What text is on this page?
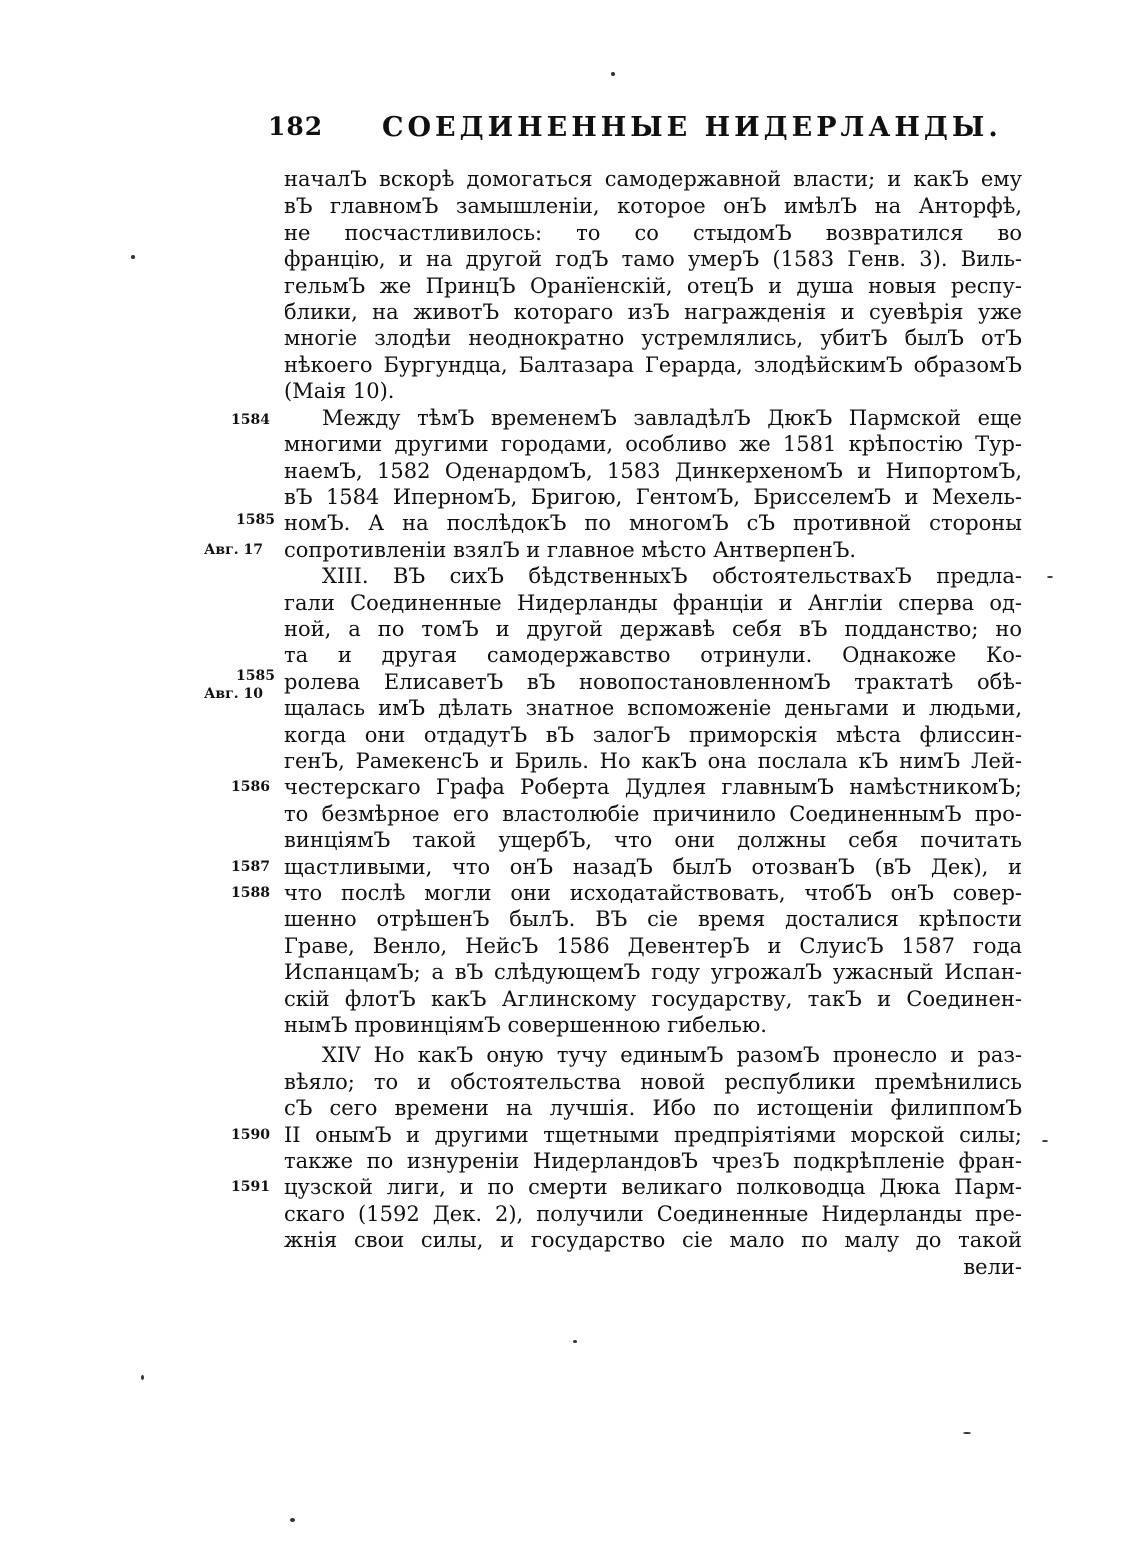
182 СОЕДИНЕННЫЕ НИДЕРЛАНДЫ.
началЪ вскорѣ домогаться самодержавной власти; и какЪ ему
вЪ главномЪ замышленіи, которое онЪ имѣлЪ на Анторфѣ,
не посчастливилось: то со стыдомЪ возвратился во
францію, и на другой годЪ тамо умерЪ (1583 Генв. 3). Виль-
гельмЪ же ПринцЪ Оранїенскій, отецЪ и душа новыя респу-
блики, на животЪ котораго изЪ награжденія и суевѣрія уже
многіе злодѣи неоднократно устремлялись, убитЪ былЪ отЪ
нѣкоего Бургундца, Балтазара Герарда, злодѣйскимЪ образомЪ
(Маія 10).
Между тѣмЪ временемЪ завладѣлЪ ДюкЪ Пармской еще
многими другими городами, особливо же 1581 крѣпостію Тур-
наемЪ, 1582 ОденардомЪ, 1583 ДинкерхеномЪ и НипортомЪ,
вЪ 1584 ИперномЪ, Бригою, ГентомЪ, БрисселемЪ и Мехель-
номЪ. А на послѣдокЪ по многомЪ сЪ противной стороны
сопротивленіи взялЪ и главное мѣсто АнтверпенЪ.
XIII. ВЪ сихЪ бѣдственныхЪ обстоятельствахЪ предла-
гали Соединенные Нидерланды франціи и Англіи сперва од-
ной, а по томЪ и другой державѣ себя вЪ подданство; но
та и другая самодержавство отринули. Однакоже Ко-
ролева ЕлисаветЪ вЪ новопостановленномЪ трактатѣ обѣ-
щалась имЪ дѣлать знатное вспоможеніе деньгами и людьми,
когда они отдадутЪ вЪ залогЪ приморскія мѣста флиссин-
генЪ, РамекенсЪ и Бриль. Но какЪ она послала кЪ нимЪ Лей-
честерскаго Графа Роберта Дудлея главнымЪ намѣстникомЪ;
то безмѣрное его властолюбіе причинило СоединеннымЪ про-
винціямЪ такой ущербЪ, что они должны себя почитать
щастливыми, что онЪ назадЪ былЪ отозванЪ (вЪ Дек), и
что послѣ могли они исходатайствовать, чтобЪ онЪ совер-
шенно отрѣшенЪ былЪ. ВЪ сіе время досталися крѣпости
Граве, Венло, НейсЪ 1586 ДевентерЪ и СлуисЪ 1587 года
ИспанцамЪ; а вЪ слѣдующемЪ году угрожалЪ ужасный Испан-
скій флотЪ какЪ Аглинскому государству, такЪ и Соединен-
нымЪ провинціямЪ совершенною гибелью.
XIV Но какЪ оную тучу единымЪ разомЪ пронесло и раз-
вѣяло; то и обстоятельства новой республики премѣнились
сЪ сего времени на лучшія. Ибо по истощеніи филиппомЪ
II онымЪ и другими тщетными предпріятіями морской силы;
также по изнуреніи НидерландовЪ чрезЪ подкрѣпленіе фран-
цузской лиги, и по смерти великаго полководца Дюка Парм-
скаго (1592 Дек. 2), получили Соединенные Нидерланды пре-
жнія свои силы, и государство сіе мало по малу до такой
вели-
1584
1585
Авг. 17
1585
Авг. 10
1586
1587
1588
1590
1591
